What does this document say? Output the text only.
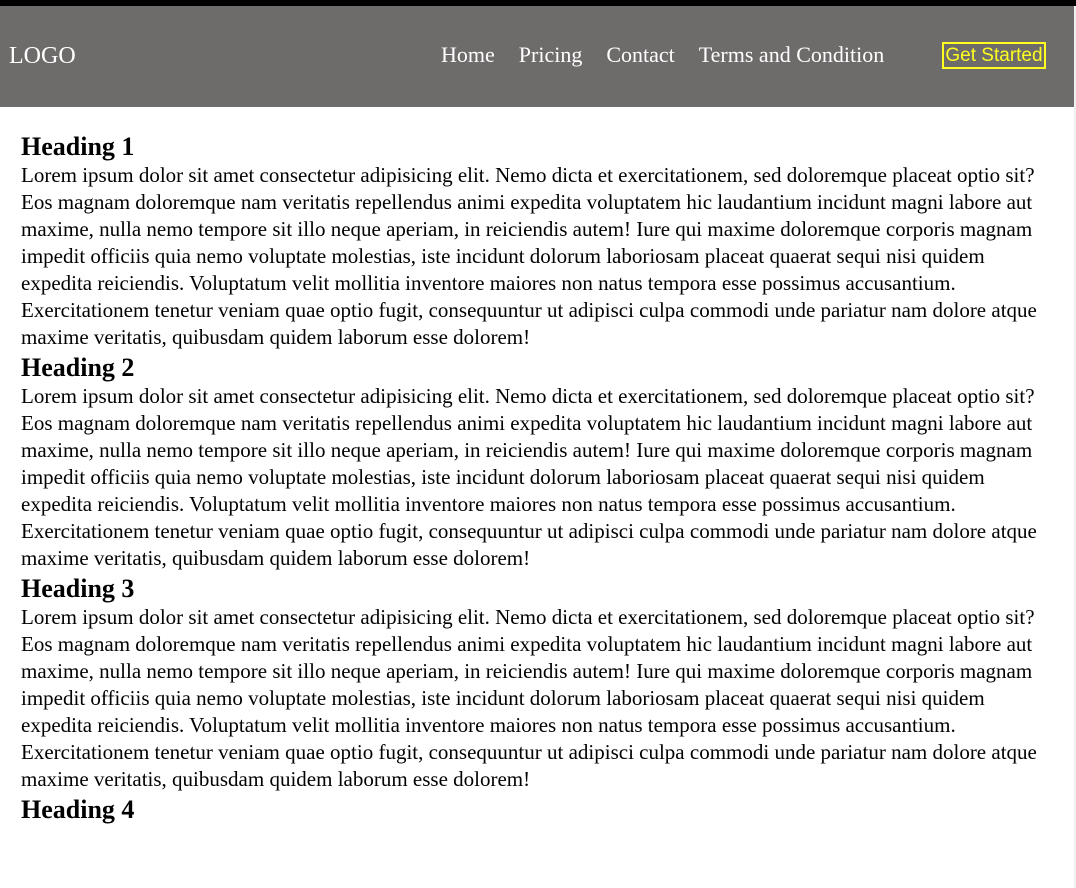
LOGO	Home Pricing Contact Terms and Condition	Get Started
Heading 1

Lorem ipsum dolor sit amet consectetur adipisicing elit. Nemo dicta et exercitationem, sed doloremque placeat optio sit? Eos magnam doloremque nam veritatis repellendus animi expedita voluptatem hic laudantium incidunt magni labore aut maxime, nulla nemo tempore sit illo neque aperiam, in reiciendis autem! Iure qui maxime doloremque corporis magnam impedit officiis quia nemo voluptate molestias, iste incidunt dolorum laboriosam placeat quaerat sequi nisi quidem expedita reiciendis. Voluptatum velit mollitia inventore maiores non natus tempora esse possimus accusantium. Exercitationem tenetur veniam quae optio fugit, consequuntur ut adipisci culpa commodi unde pariatur nam dolore atque maxime veritatis, quibusdam quidem laborum esse dolorem!

Heading 2

Lorem ipsum dolor sit amet consectetur adipisicing elit. Nemo dicta et exercitationem, sed doloremque placeat optio sit? Eos magnam doloremque nam veritatis repellendus animi expedita voluptatem hic laudantium incidunt magni labore aut maxime, nulla nemo tempore sit illo neque aperiam, in reiciendis autem! Iure qui maxime doloremque corporis magnam impedit officiis quia nemo voluptate molestias, iste incidunt dolorum laboriosam placeat quaerat sequi nisi quidem expedita reiciendis. Voluptatum velit mollitia inventore maiores non natus tempora esse possimus accusantium. Exercitationem tenetur veniam quae optio fugit, consequuntur ut adipisci culpa commodi unde pariatur nam dolore atque maxime veritatis, quibusdam quidem laborum esse dolorem!

Heading 3

Lorem ipsum dolor sit amet consectetur adipisicing elit. Nemo dicta et exercitationem, sed doloremque placeat optio sit? Eos magnam doloremque nam veritatis repellendus animi expedita voluptatem hic laudantium incidunt magni labore aut maxime, nulla nemo tempore sit illo neque aperiam, in reiciendis autem! Iure qui maxime doloremque corporis magnam impedit officiis quia nemo voluptate molestias, iste incidunt dolorum laboriosam placeat quaerat sequi nisi quidem expedita reiciendis. Voluptatum velit mollitia inventore maiores non natus tempora esse possimus accusantium. Exercitationem tenetur veniam quae optio fugit, consequuntur ut adipisci culpa commodi unde pariatur nam dolore atque maxime veritatis, quibusdam quidem laborum esse dolorem!

Heading 4
